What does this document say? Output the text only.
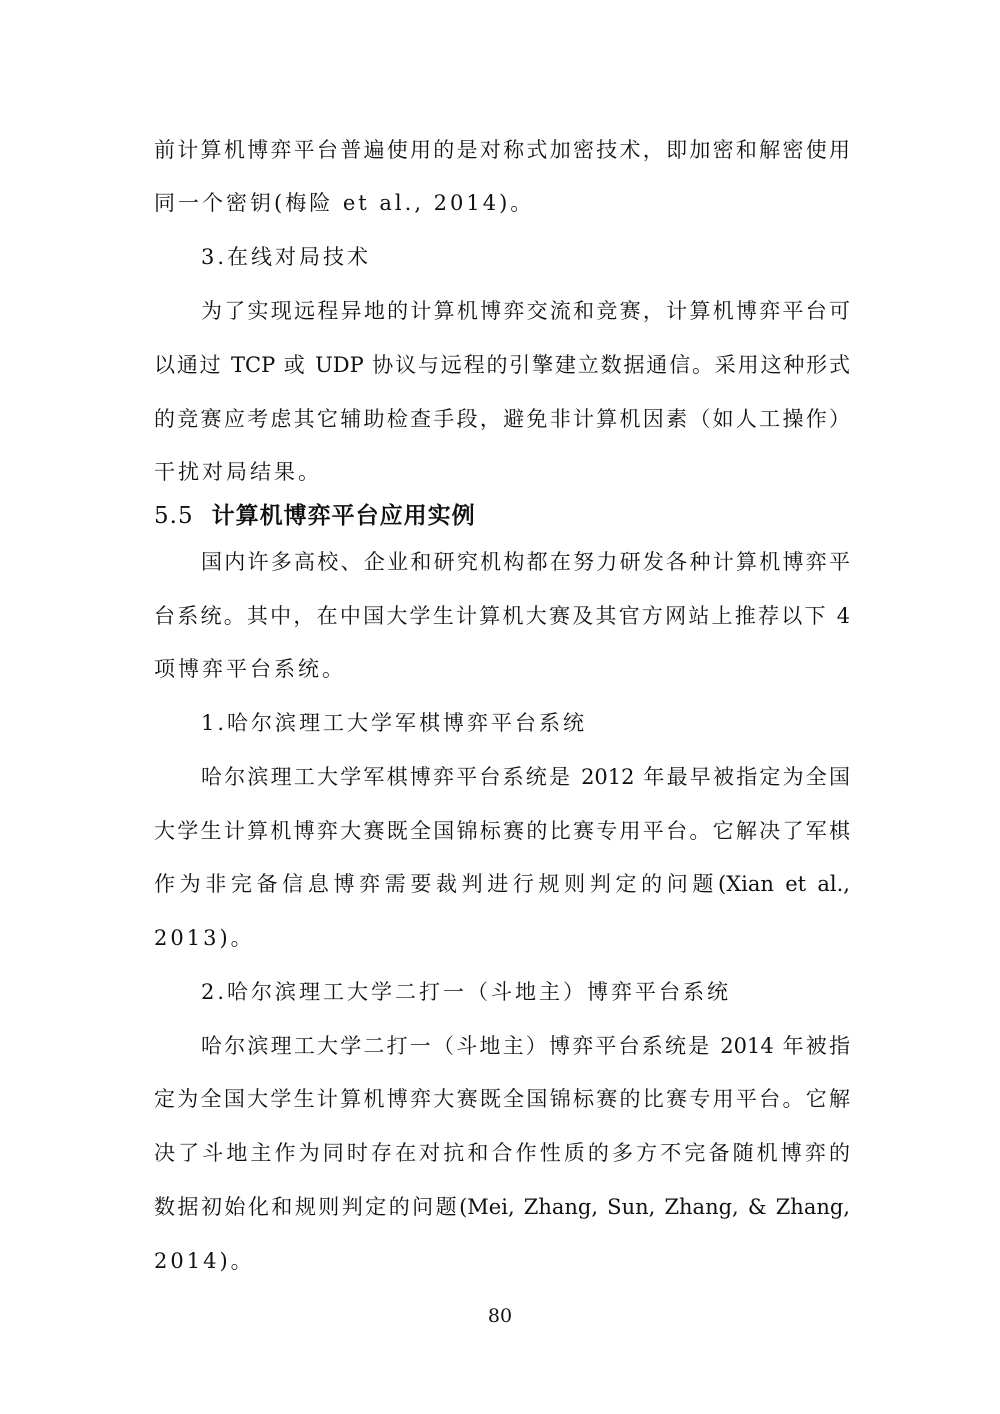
前计算机博弈平台普遍使用的是对称式加密技术，即加密和解密使用
同一个密钥(梅险 et al., 2014)。
3.在线对局技术
为了实现远程异地的计算机博弈交流和竞赛，计算机博弈平台可
以通过 TCP 或 UDP 协议与远程的引擎建立数据通信。采用这种形式
的竞赛应考虑其它辅助检查手段，避免非计算机因素（如人工操作）
干扰对局结果。
5.5 计算机博弈平台应用实例
国内许多高校、企业和研究机构都在努力研发各种计算机博弈平
台系统。其中，在中国大学生计算机大赛及其官方网站上推荐以下 4
项博弈平台系统。
1.哈尔滨理工大学军棋博弈平台系统
哈尔滨理工大学军棋博弈平台系统是 2012 年最早被指定为全国
大学生计算机博弈大赛既全国锦标赛的比赛专用平台。它解决了军棋
作为非完备信息博弈需要裁判进行规则判定的问题(Xian et al.,
2013)。
2.哈尔滨理工大学二打一（斗地主）博弈平台系统
哈尔滨理工大学二打一（斗地主）博弈平台系统是 2014 年被指
定为全国大学生计算机博弈大赛既全国锦标赛的比赛专用平台。它解
决了斗地主作为同时存在对抗和合作性质的多方不完备随机博弈的
数据初始化和规则判定的问题(Mei, Zhang, Sun, Zhang, & Zhang,
2014)。
80
